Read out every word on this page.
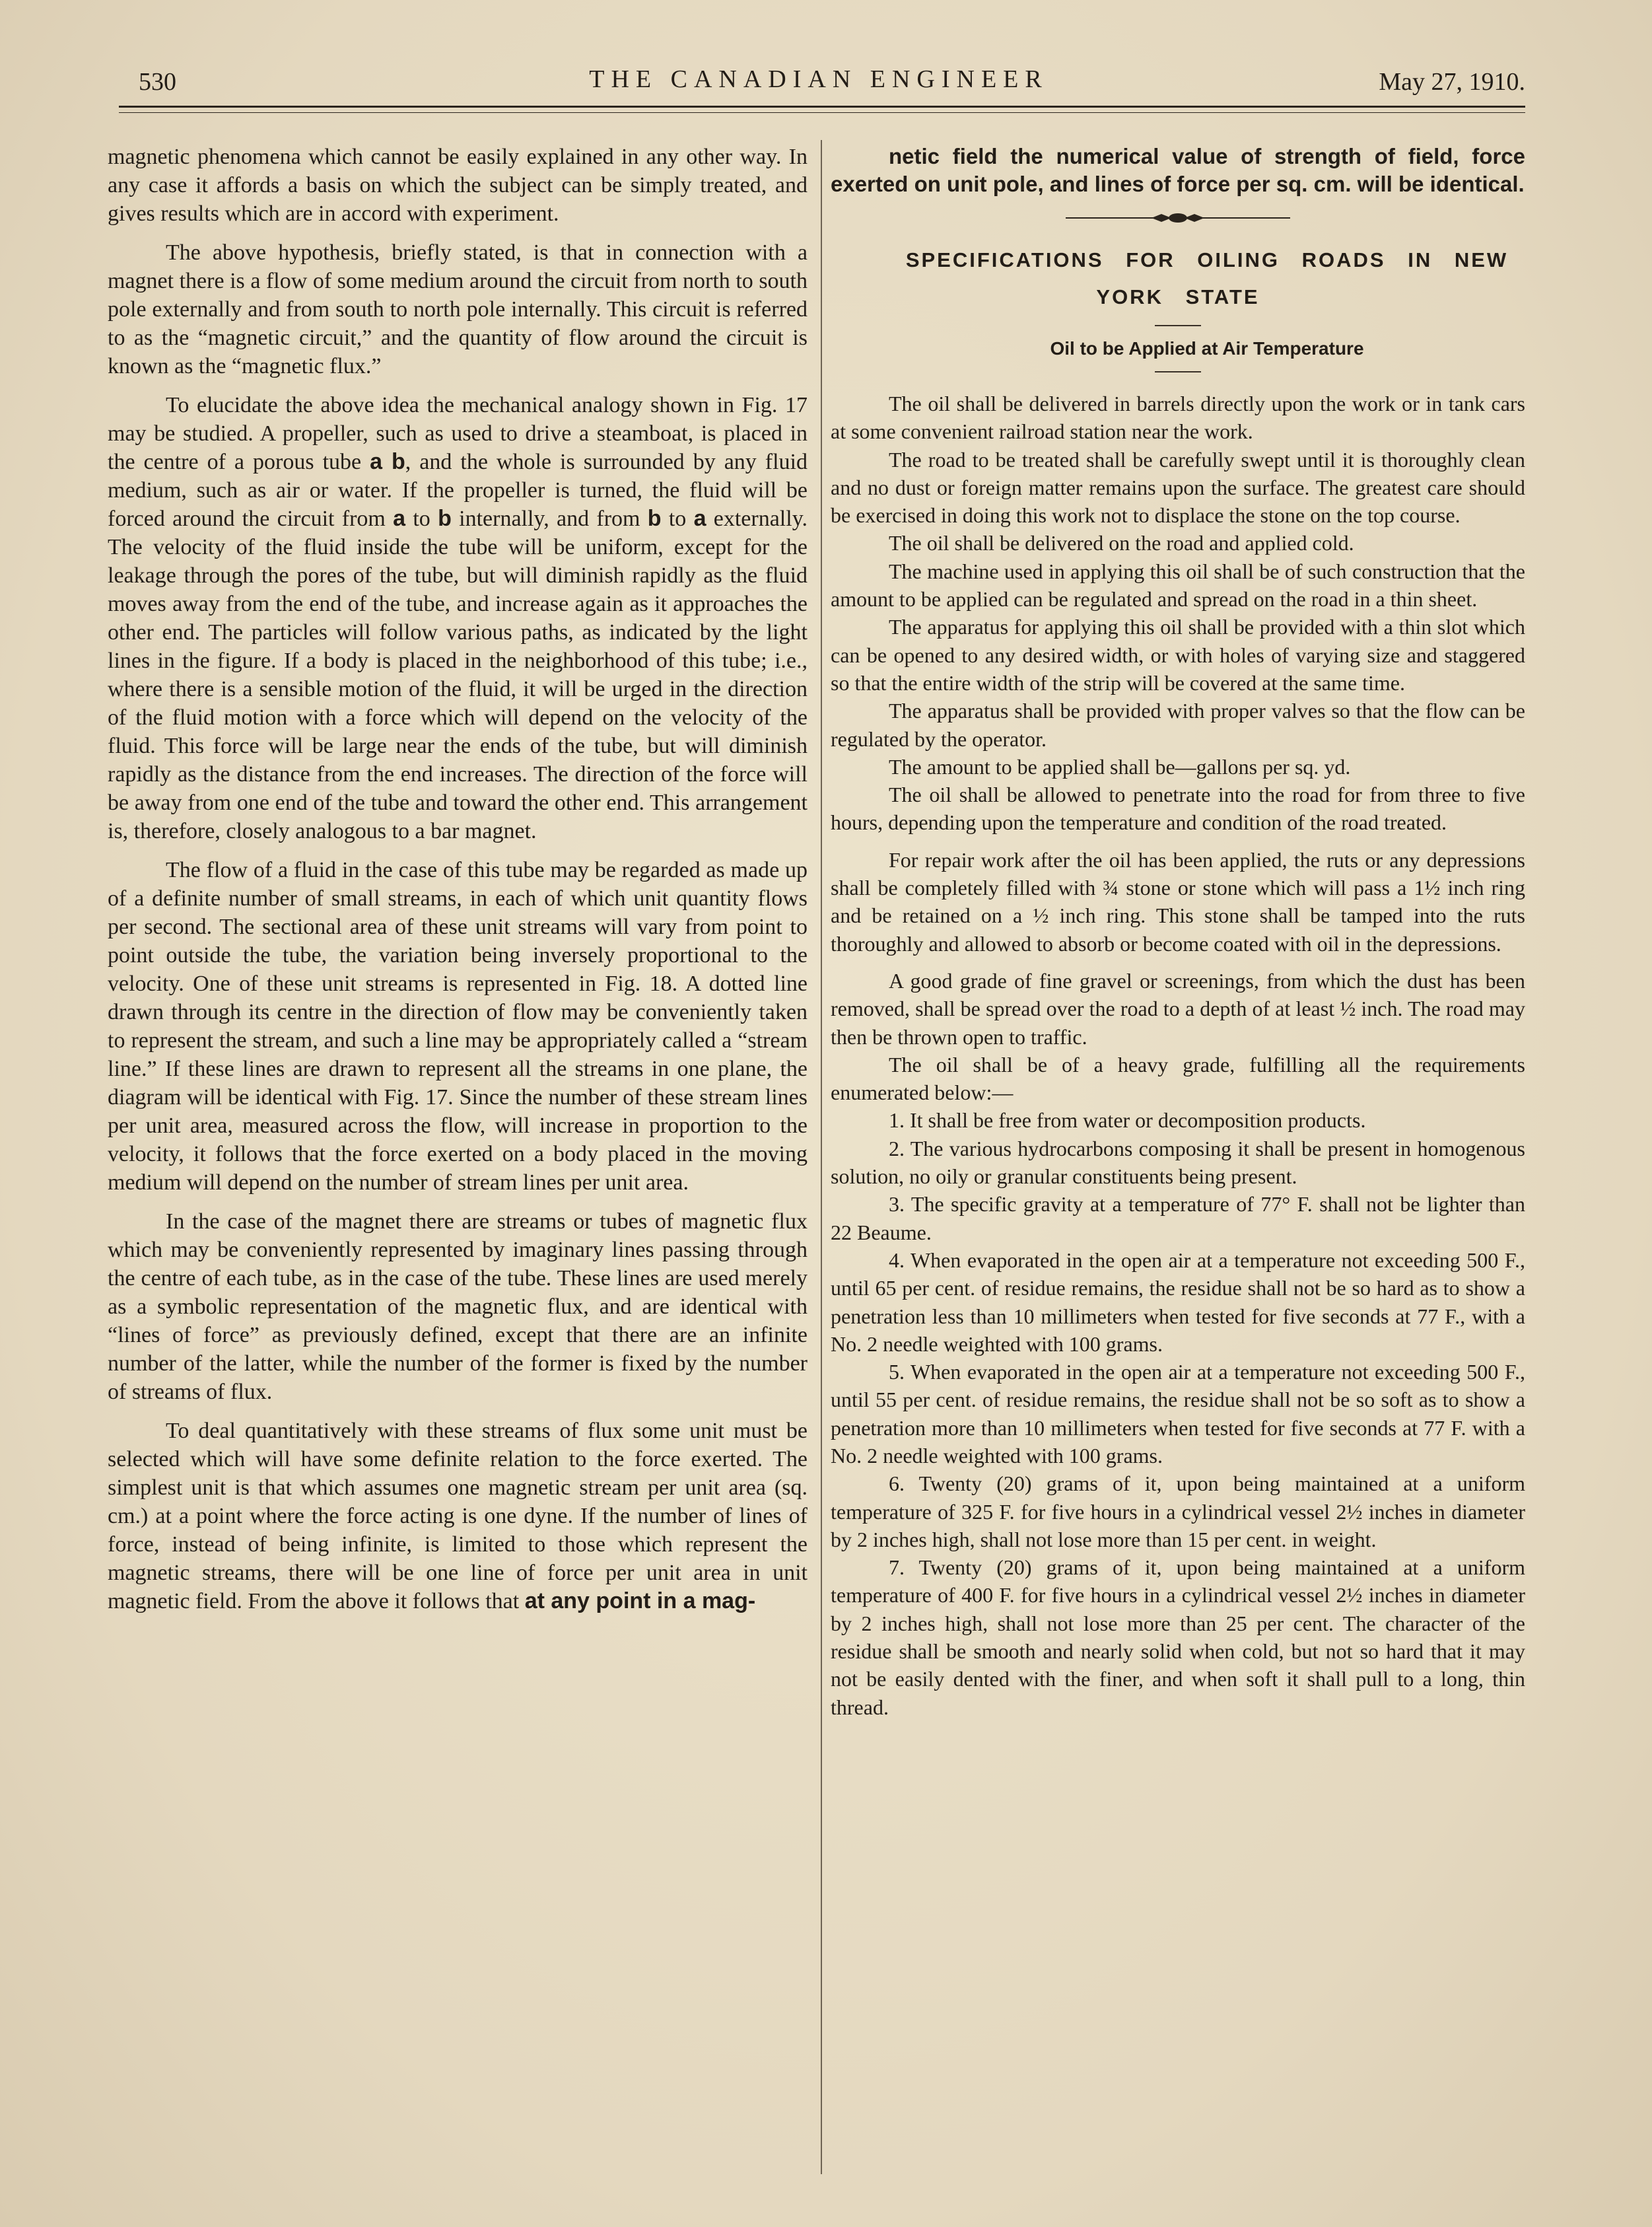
530	THE CANADIAN ENGINEER	May 27, 1910.

magnetic phenomena which cannot be easily explained in any other way. In any case it affords a basis on which the subject can be simply treated, and gives results which are in accord with experiment.

The above hypothesis, briefly stated, is that in connection with a magnet there is a flow of some medium around the circuit from north to south pole externally and from south to north pole internally. This circuit is referred to as the “magnetic circuit,” and the quantity of flow around the circuit is known as the “magnetic flux.”

To elucidate the above idea the mechanical analogy shown in Fig. 17 may be studied. A propeller, such as used to drive a steamboat, is placed in the centre of a porous tube a b, and the whole is surrounded by any fluid medium, such as air or water. If the propeller is turned, the fluid will be forced around the circuit from a to b internally, and from b to a externally. The velocity of the fluid inside the tube will be uniform, except for the leakage through the pores of the tube, but will diminish rapidly as the fluid moves away from the end of the tube, and increase again as it approaches the other end. The particles will follow various paths, as indicated by the light lines in the figure. If a body is placed in the neighborhood of this tube; i.e., where there is a sensible motion of the fluid, it will be urged in the direction of the fluid motion with a force which will depend on the velocity of the fluid. This force will be large near the ends of the tube, but will diminish rapidly as the distance from the end increases. The direction of the force will be away from one end of the tube and toward the other end. This arrangement is, therefore, closely analogous to a bar magnet.

The flow of a fluid in the case of this tube may be regarded as made up of a definite number of small streams, in each of which unit quantity flows per second. The sectional area of these unit streams will vary from point to point outside the tube, the variation being inversely proportional to the velocity. One of these unit streams is represented in Fig. 18. A dotted line drawn through its centre in the direction of flow may be conveniently taken to represent the stream, and such a line may be appropriately called a “stream line.” If these lines are drawn to represent all the streams in one plane, the diagram will be identical with Fig. 17. Since the number of these stream lines per unit area, measured across the flow, will increase in proportion to the velocity, it follows that the force exerted on a body placed in the moving medium will depend on the number of stream lines per unit area.

In the case of the magnet there are streams or tubes of magnetic flux which may be conveniently represented by imaginary lines passing through the centre of each tube, as in the case of the tube. These lines are used merely as a symbolic representation of the magnetic flux, and are identical with “lines of force” as previously defined, except that there are an infinite number of the latter, while the number of the former is fixed by the number of streams of flux.

To deal quantitatively with these streams of flux some unit must be selected which will have some definite relation to the force exerted. The simplest unit is that which assumes one magnetic stream per unit area (sq. cm.) at a point where the force acting is one dyne. If the number of lines of force, instead of being infinite, is limited to those which represent the magnetic streams, there will be one line of force per unit area in unit magnetic field. From the above it follows that at any point in a mag-

netic field the numerical value of strength of field, force exerted on unit pole, and lines of force per sq. cm. will be identical.

SPECIFICATIONS FOR OILING ROADS IN NEW YORK STATE

Oil to be Applied at Air Temperature

The oil shall be delivered in barrels directly upon the work or in tank cars at some convenient railroad station near the work.

The road to be treated shall be carefully swept until it is thoroughly clean and no dust or foreign matter remains upon the surface. The greatest care should be exercised in doing this work not to displace the stone on the top course.

The oil shall be delivered on the road and applied cold.

The machine used in applying this oil shall be of such construction that the amount to be applied can be regulated and spread on the road in a thin sheet.

The apparatus for applying this oil shall be provided with a thin slot which can be opened to any desired width, or with holes of varying size and staggered so that the entire width of the strip will be covered at the same time.

The apparatus shall be provided with proper valves so that the flow can be regulated by the operator.

The amount to be applied shall be—gallons per sq. yd.

The oil shall be allowed to penetrate into the road for from three to five hours, depending upon the temperature and condition of the road treated.

For repair work after the oil has been applied, the ruts or any depressions shall be completely filled with ¾ stone or stone which will pass a 1½ inch ring and be retained on a ½ inch ring. This stone shall be tamped into the ruts thoroughly and allowed to absorb or become coated with oil in the depressions.

A good grade of fine gravel or screenings, from which the dust has been removed, shall be spread over the road to a depth of at least ½ inch. The road may then be thrown open to traffic.

The oil shall be of a heavy grade, fulfilling all the requirements enumerated below:—

1. It shall be free from water or decomposition products.

2. The various hydrocarbons composing it shall be present in homogenous solution, no oily or granular constituents being present.

3. The specific gravity at a temperature of 77° F. shall not be lighter than 22 Beaume.

4. When evaporated in the open air at a temperature not exceeding 500 F., until 65 per cent. of residue remains, the residue shall not be so hard as to show a penetration less than 10 millimeters when tested for five seconds at 77 F., with a No. 2 needle weighted with 100 grams.

5. When evaporated in the open air at a temperature not exceeding 500 F., until 55 per cent. of residue remains, the residue shall not be so soft as to show a penetration more than 10 millimeters when tested for five seconds at 77 F. with a No. 2 needle weighted with 100 grams.

6. Twenty (20) grams of it, upon being maintained at a uniform temperature of 325 F. for five hours in a cylindrical vessel 2½ inches in diameter by 2 inches high, shall not lose more than 15 per cent. in weight.

7. Twenty (20) grams of it, upon being maintained at a uniform temperature of 400 F. for five hours in a cylindrical vessel 2½ inches in diameter by 2 inches high, shall not lose more than 25 per cent. The character of the residue shall be smooth and nearly solid when cold, but not so hard that it may not be easily dented with the finer, and when soft it shall pull to a long, thin thread.
